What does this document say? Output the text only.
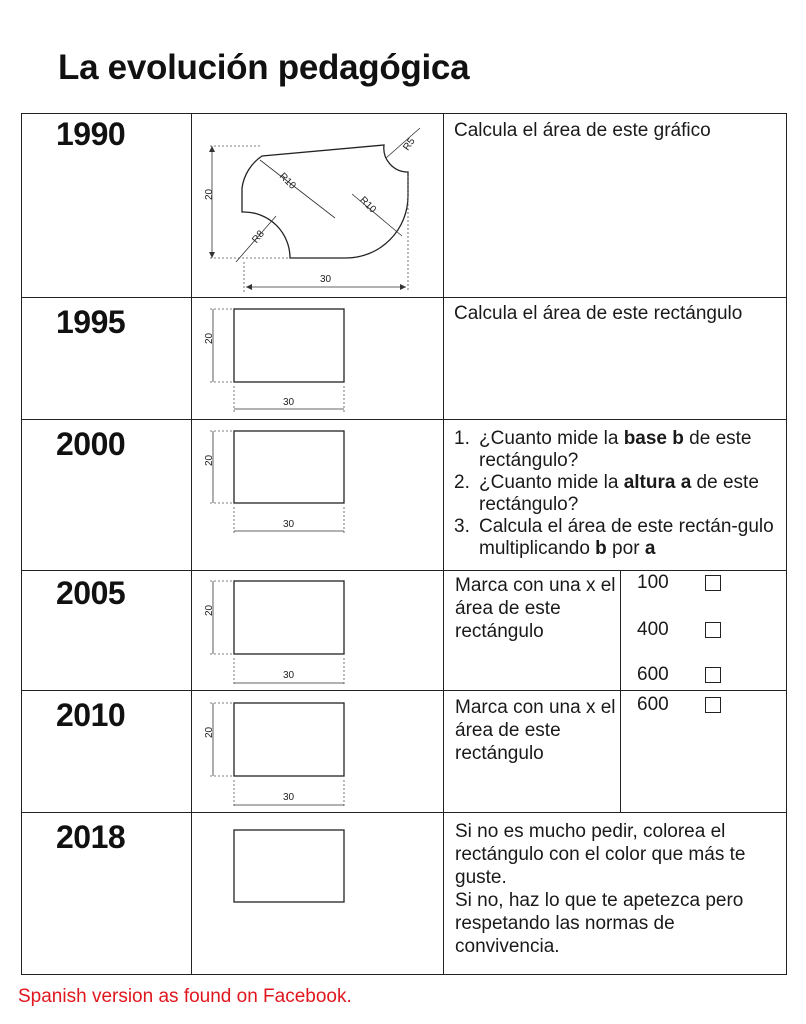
La evolución pedagógica
1990
1995
2000
2005
2010
2018
20
30
R5
R10
R10
R8
20
30
20
30
20
30
20
30
Calcula el área de este gráfico
Calcula el área de este rectángulo
1. ¿Cuanto mide la base b de este rectángulo?
2. ¿Cuanto mide la altura a de este rectángulo?
3. Calcula el área de este rectán-gulo multiplicando b por a
Marca con una x el área de este rectángulo
100
400
600
Marca con una x el área de este rectángulo
600
Si no es mucho pedir, colorea el rectángulo con el color que más te guste.
Si no, haz lo que te apetezca pero respetando las normas de convivencia.
Spanish version as found on Facebook.
